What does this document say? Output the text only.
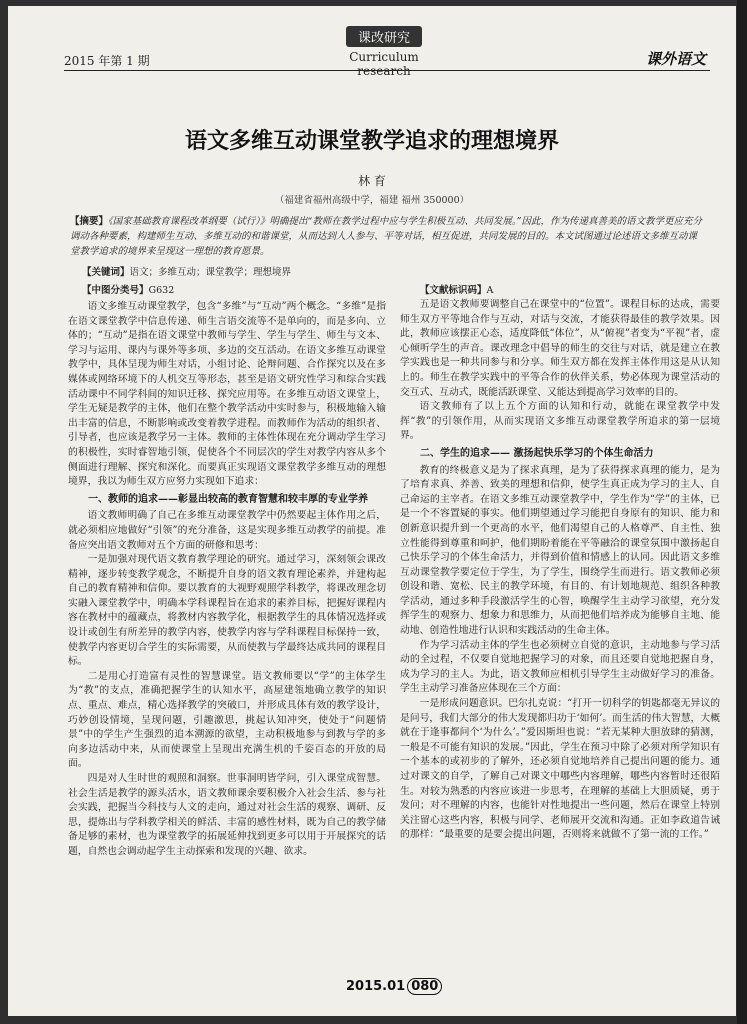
2015 年第 1 期
课改研究
Curriculum research
课外语文
语文多维互动课堂教学追求的理想境界
林 育
（福建省福州高级中学，福建 福州 350000）
【摘要】《国家基础教育课程改革纲要（试行）》明确提出“教师在教学过程中应与学生积极互动、共同发展。”因此，作为传递真善美的语文教学更应充分调动各种要素，构建师生互动、多维互动的和谐课堂，从而达到人人参与、平等对话，相互促进，共同发展的目的。本文试图通过论述语文多维互动课堂教学追求的境界来呈现这一理想的教育愿景。
【关键词】语文；多维互动；课堂教学；理想境界
【中图分类号】G632	【文献标识码】A

语文多维互动课堂教学，包含“多维”与“互动”两个概念。“多维”是指在语文课堂教学中信息传递、师生言语交流等不是单向的，而是多向、立体的；“互动”是指在语文课堂中教师与学生、学生与学生、师生与文本、学习与运用、课内与课外等多项、多边的交互活动。在语文多维互动课堂教学中，具体呈现为师生对话，小组讨论、论辩问题、合作探究以及在多媒体或网络环境下的人机交互等形态，甚至是语文研究性学习和综合实践活动课中不同学科间的知识迁移、探究应用等。在多维互动语文课堂上，学生无疑是教学的主体，他们在整个教学活动中实时参与，积极地输入输出丰富的信息，不断影响或改变着教学进程。而教师作为活动的组织者、引导者，也应该是教学另一主体。教师的主体性体现在充分调动学生学习的积极性，实时睿智地引领，促使各个不同层次的学生对教学内容从多个侧面进行理解、探究和深化。而要真正实现语文课堂教学多维互动的理想境界，我以为师生双方应努力实现如下追求：

一、教师的追求——彰显出较高的教育智慧和较丰厚的专业学养

语文教师明确了自己在多维互动课堂教学中仍然要起主体作用之后，就必须相应地做好“引领”的充分准备，这是实现多维互动教学的前提。准备应突出语文教师对五个方面的研修和思考：

一是加强对现代语文教育教学理论的研究。通过学习，深刻领会课改精神，逐步转变教学观念，不断提升自身的语文教育理论素养，并建构起自己的教育精神和信仰。要以教育的大视野观照学科教学，将课改理念切实融入课堂教学中，明确本学科课程旨在追求的素养目标，把握好课程内容在教材中的蕴藏点，将教材内容教学化，根据教学生的具体情况选择或设计或创生有所差异的教学内容，使教学内容与学科课程目标保持一致，使教学内容更切合学生的实际需要，从而使教与学最终达成共同的课程目标。

二是用心打造富有灵性的智慧课堂。语文教师要以“学”的主体学生为“教”的支点，准确把握学生的认知水平，高屋建瓴地确立教学的知识点、重点、难点，精心选择教学的突破口，并形成具体有效的教学设计，巧妙创设情境，呈现问题，引趣激思，挑起认知冲突，使处于“问题情景”中的学生产生强烈的追本溯源的欲望，主动积极地参与到教与学的多向多边活动中来，从而使课堂上呈现出充满生机的千姿百态的开放的局面。

四是对人生时世的观照和洞察。世事洞明皆学问，引入课堂成智慧。社会生活是教学的源头活水，语文教师课余要积极介入社会生活、参与社会实践，把握当今科技与人文的走向，通过对社会生活的观察、调研、反思，提炼出与学科教学相关的鲜活、丰富的感性材料，既为自己的教学储备足够的素材，也为课堂教学的拓展延伸找到更多可以用于开展探究的话题，自然也会调动起学生主动探索和发现的兴趣、欲求。

五是语文教师要调整自己在课堂中的“位置”。课程目标的达成，需要师生双方平等地合作与互动，对话与交流，才能获得最佳的教学效果。因此，教师应该摆正心态，适度降低“体位”，从“俯视”者变为“平视”者，虚心倾听学生的声音。课改理念中倡导的师生的交往与对话，就是建立在教学实践也是一种共同参与和分享。师生双方都在发挥主体作用这是从认知上的。师生在教学实践中的平等合作的伙伴关系，势必体现为课堂活动的交互式、互动式，既能活跃课堂、又能达到提高学习效率的目的。

语文教师有了以上五个方面的认知和行动，就能在课堂教学中发挥“教”的引领作用，从而实现语文多维互动课堂教学所追求的第一层境界。

二、学生的追求—— 激扬起快乐学习的个体生命活力

教育的终极意义是为了探求真理，是为了获得探求真理的能力，是为了培育求真、养善、致美的理想和信仰，使学生真正成为学习的主人、自己命运的主宰者。在语文多维互动课堂教学中，学生作为“学”的主体，已是一个不容置疑的事实。他们期望通过学习能把自身原有的知识、能力和创新意识提升到一个更高的水平，他们渴望自己的人格尊严、自主性、独立性能得到尊重和呵护，他们期盼着能在平等融洽的课堂氛围中激扬起自己快乐学习的个体生命活力，并得到价值和情感上的认同。因此语文多维互动课堂教学要定位于学生，为了学生，围绕学生而进行。语文教师必须创设和谐、宽松、民主的教学环境，有目的、有计划地规范、组织各种教学活动，通过多种手段激活学生的心智，唤醒学生主动学习欲望，充分发挥学生的观察力、想象力和思维力，从而把他们培养成为能够自主地、能动地、创造性地进行认识和实践活动的生命主体。

作为学习活动主体的学生也必须树立自觉的意识，主动地参与学习活动的全过程，不仅要自觉地把握学习的对象，而且还要自觉地把握自身，成为学习的主人。为此，语文教师应相机引导学生主动做好学习的准备。学生主动学习准备应体现在三个方面：

一是形成问题意识。巴尔扎克说：“打开一切科学的钥匙都毫无异议的是问号，我们大部分的伟大发现都归功于‘如何’。而生活的伟大智慧，大概就在于逢事都问个‘为什么’。”爱因斯坦也说：“若无某种大胆放肆的猜测，一般是不可能有知识的发展。”因此，学生在预习中除了必须对所学知识有一个基本的或初步的了解外，还必须自觉地培养自己提出问题的能力。通过对课文的自学，了解自己对课文中哪些内容理解，哪些内容暂时还很陌生。对较为熟悉的内容应该进一步思考，在理解的基础上大胆质疑，勇于发问；对不理解的内容，也能针对性地提出一些问题，然后在课堂上特别关注留心这些内容，积极与同学、老师展开交流和沟通。正如李政道告诫的那样：“最重要的是要会提出问题，否则将来就做不了第一流的工作。”

2015.01 080
